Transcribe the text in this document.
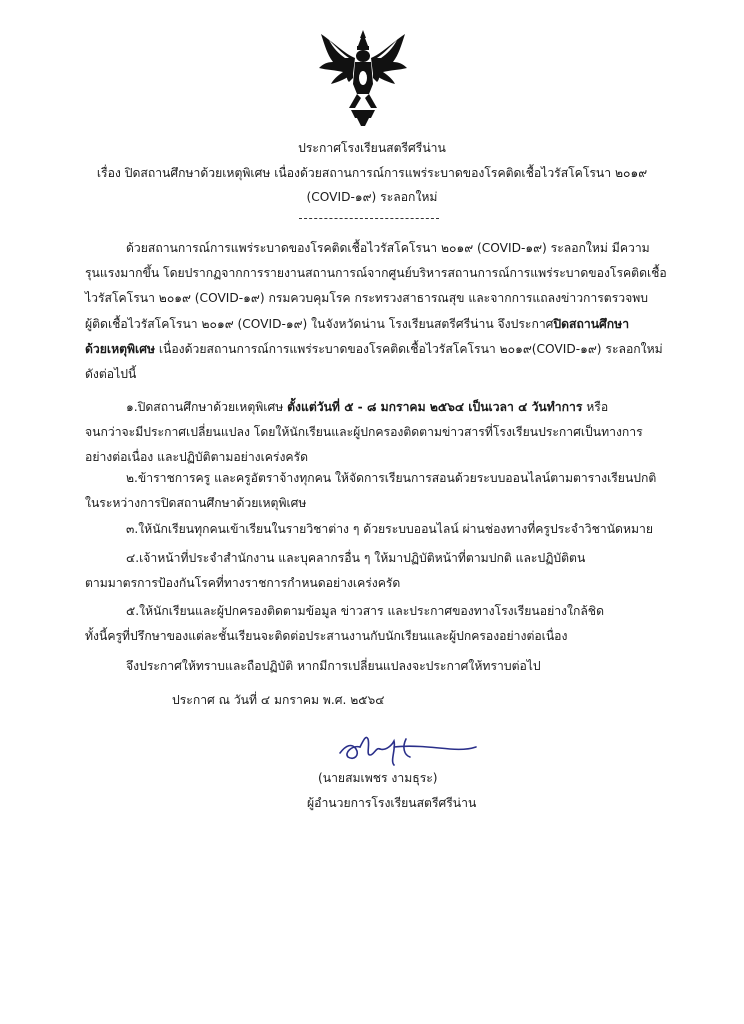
ประกาศโรงเรียนสตรีศรีน่าน
เรื่อง ปิดสถานศึกษาด้วยเหตุพิเศษ เนื่องด้วยสถานการณ์การแพร่ระบาดของโรคติดเชื้อไวรัสโคโรนา ๒๐๑๙
(COVID-๑๙) ระลอกใหม่
ด้วยสถานการณ์การแพร่ระบาดของโรคติดเชื้อไวรัสโคโรนา ๒๐๑๙ (COVID-๑๙) ระลอกใหม่ มีความ
รุนแรงมากขึ้น โดยปรากฏจากการรายงานสถานการณ์จากศูนย์บริหารสถานการณ์การแพร่ระบาดของโรคติดเชื้อ
ไวรัสโคโรนา ๒๐๑๙ (COVID-๑๙) กรมควบคุมโรค กระทรวงสาธารณสุข และจากการแถลงข่าวการตรวจพบ
ผู้ติดเชื้อไวรัสโคโรนา ๒๐๑๙ (COVID-๑๙) ในจังหวัดน่าน โรงเรียนสตรีศรีน่าน จึงประกาศปิดสถานศึกษา
ด้วยเหตุพิเศษ เนื่องด้วยสถานการณ์การแพร่ระบาดของโรคติดเชื้อไวรัสโคโรนา ๒๐๑๙(COVID-๑๙) ระลอกใหม่
ดังต่อไปนี้
๑.ปิดสถานศึกษาด้วยเหตุพิเศษ ตั้งแต่วันที่ ๕ - ๘ มกราคม ๒๕๖๔ เป็นเวลา ๔ วันทำการ หรือ
จนกว่าจะมีประกาศเปลี่ยนแปลง โดยให้นักเรียนและผู้ปกครองติดตามข่าวสารที่โรงเรียนประกาศเป็นทางการ
อย่างต่อเนื่อง และปฏิบัติตามอย่างเคร่งครัด
๒.ข้าราชการครู และครูอัตราจ้างทุกคน ให้จัดการเรียนการสอนด้วยระบบออนไลน์ตามตารางเรียนปกติ
ในระหว่างการปิดสถานศึกษาด้วยเหตุพิเศษ
๓.ให้นักเรียนทุกคนเข้าเรียนในรายวิชาต่าง ๆ ด้วยระบบออนไลน์ ผ่านช่องทางที่ครูประจำวิชานัดหมาย
๔.เจ้าหน้าที่ประจำสำนักงาน และบุคลากรอื่น ๆ ให้มาปฏิบัติหน้าที่ตามปกติ และปฏิบัติตน
ตามมาตรการป้องกันโรคที่ทางราชการกำหนดอย่างเคร่งครัด
๕.ให้นักเรียนและผู้ปกครองติดตามข้อมูล ข่าวสาร และประกาศของทางโรงเรียนอย่างใกล้ชิด
ทั้งนี้ครูที่ปรึกษาของแต่ละชั้นเรียนจะติดต่อประสานงานกับนักเรียนและผู้ปกครองอย่างต่อเนื่อง
จึงประกาศให้ทราบและถือปฏิบัติ หากมีการเปลี่ยนแปลงจะประกาศให้ทราบต่อไป
ประกาศ ณ วันที่ ๔ มกราคม พ.ศ. ๒๕๖๔
(นายสมเพชร งามธุระ)
ผู้อำนวยการโรงเรียนสตรีศรีน่าน
